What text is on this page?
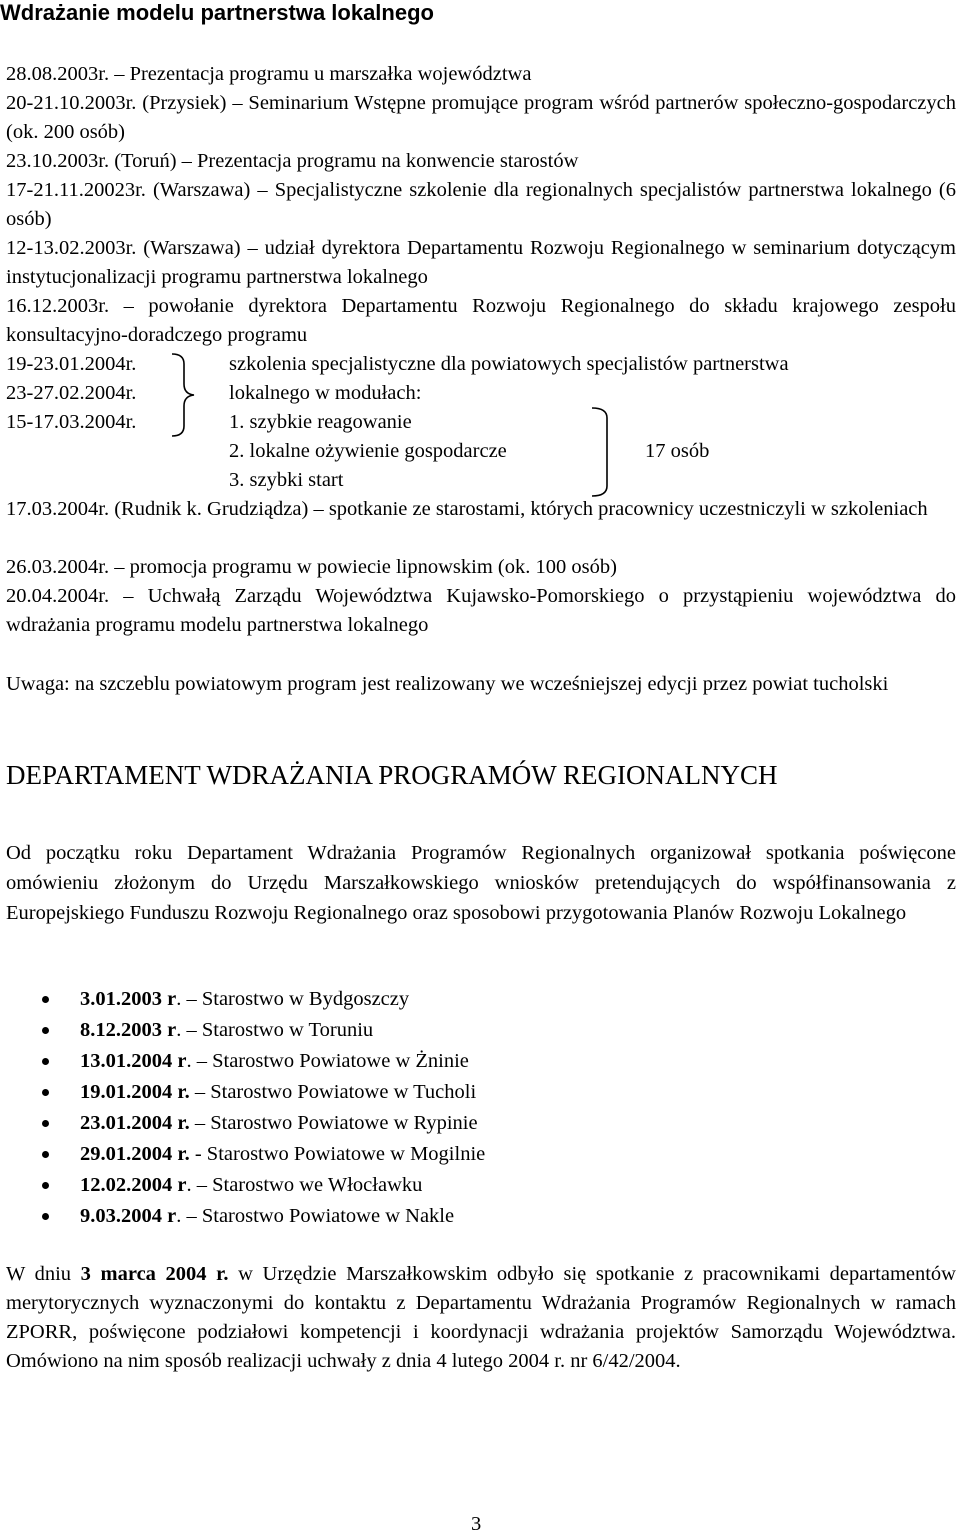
Wdrażanie modelu partnerstwa lokalnego
28.08.2003r. – Prezentacja programu u marszałka województwa
20-21.10.2003r. (Przysiek) – Seminarium Wstępne promujące program wśród partnerów społeczno-gospodarczych (ok. 200 osób)
23.10.2003r. (Toruń) – Prezentacja programu na konwencie starostów
17-21.11.20023r. (Warszawa) – Specjalistyczne szkolenie dla regionalnych specjalistów partnerstwa lokalnego (6 osób)
12-13.02.2003r. (Warszawa) – udział dyrektora Departamentu Rozwoju Regionalnego w seminarium dotyczącym instytucjonalizacji programu partnerstwa lokalnego
16.12.2003r. – powołanie dyrektora Departamentu Rozwoju Regionalnego do składu krajowego zespołu konsultacyjno-doradczego programu
19-23.01.2004r.
23-27.02.2004r.
15-17.03.2004r.
szkolenia specjalistyczne dla powiatowych specjalistów partnerstwa
lokalnego w modułach:
1. szybkie reagowanie
2. lokalne ożywienie gospodarcze
3. szybki start
17 osób
17.03.2004r. (Rudnik k. Grudziądza) – spotkanie ze starostami, których pracownicy uczestniczyli w szkoleniach
26.03.2004r. – promocja programu w powiecie lipnowskim (ok. 100 osób)
20.04.2004r. – Uchwałą Zarządu Województwa Kujawsko-Pomorskiego o przystąpieniu województwa do wdrażania programu modelu partnerstwa lokalnego
Uwaga: na szczeblu powiatowym program jest realizowany we wcześniejszej edycji przez powiat tucholski
DEPARTAMENT WDRAŻANIA PROGRAMÓW REGIONALNYCH
Od początku roku Departament Wdrażania Programów Regionalnych organizował spotkania poświęcone omówieniu złożonym do Urzędu Marszałkowskiego wniosków pretendujących do współfinansowania z Europejskiego Funduszu Rozwoju Regionalnego oraz sposobowi przygotowania Planów Rozwoju Lokalnego
3.01.2003 r. – Starostwo w Bydgoszczy
8.12.2003 r. – Starostwo w Toruniu
13.01.2004 r. – Starostwo Powiatowe w Żninie
19.01.2004 r. – Starostwo Powiatowe w Tucholi
23.01.2004 r. – Starostwo Powiatowe w Rypinie
29.01.2004 r. - Starostwo Powiatowe w Mogilnie
12.02.2004 r. – Starostwo we Włocławku
9.03.2004 r. – Starostwo Powiatowe w Nakle
W dniu 3 marca 2004 r. w Urzędzie Marszałkowskim odbyło się spotkanie z pracownikami departamentów merytorycznych wyznaczonymi do kontaktu z Departamentu Wdrażania Programów Regionalnych w ramach ZPORR, poświęcone podziałowi kompetencji i koordynacji wdrażania projektów Samorządu Województwa. Omówiono na nim sposób realizacji uchwały z dnia 4 lutego 2004 r. nr 6/42/2004.
3
